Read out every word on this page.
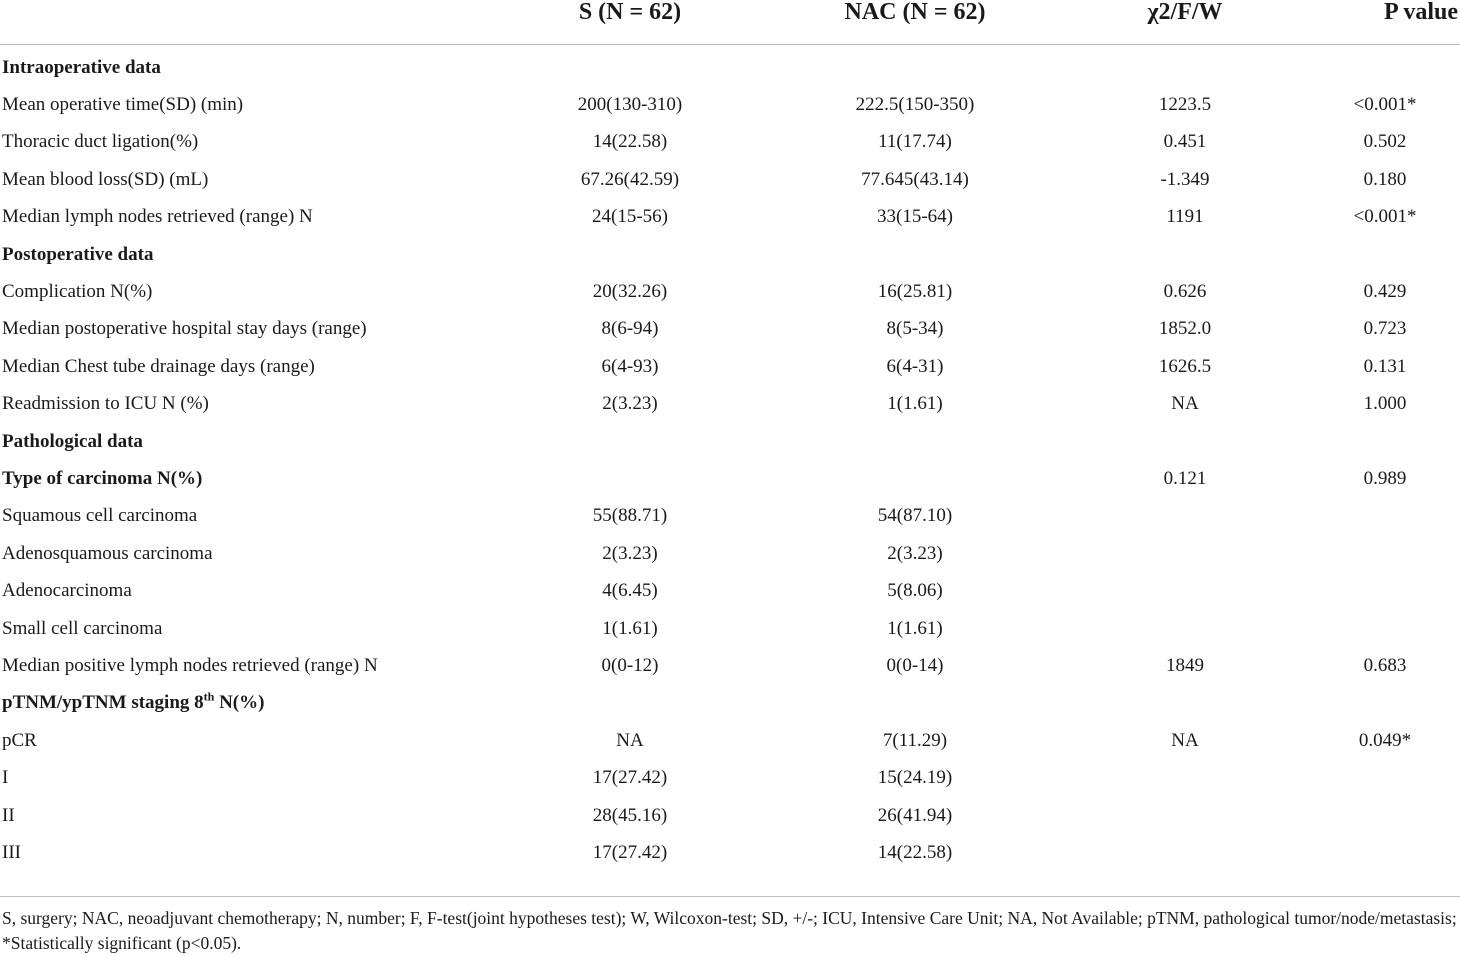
	S (N = 62)	NAC (N = 62)	χ2/F/W	P value
Intraoperative data				
Mean operative time(SD) (min)	200(130-310)	222.5(150-350)	1223.5	<0.001*
Thoracic duct ligation(%)	14(22.58)	11(17.74)	0.451	0.502
Mean blood loss(SD) (mL)	67.26(42.59)	77.645(43.14)	-1.349	0.180
Median lymph nodes retrieved (range) N	24(15-56)	33(15-64)	1191	<0.001*
Postoperative data				
Complication N(%)	20(32.26)	16(25.81)	0.626	0.429
Median postoperative hospital stay days (range)	8(6-94)	8(5-34)	1852.0	0.723
Median Chest tube drainage days (range)	6(4-93)	6(4-31)	1626.5	0.131
Readmission to ICU N (%)	2(3.23)	1(1.61)	NA	1.000
Pathological data				
Type of carcinoma N(%)			0.121	0.989
Squamous cell carcinoma	55(88.71)	54(87.10)		
Adenosquamous carcinoma	2(3.23)	2(3.23)		
Adenocarcinoma	4(6.45)	5(8.06)		
Small cell carcinoma	1(1.61)	1(1.61)		
Median positive lymph nodes retrieved (range) N	0(0-12)	0(0-14)	1849	0.683
pTNM/ypTNM staging 8th N(%)				
pCR	NA	7(11.29)	NA	0.049*
I	17(27.42)	15(24.19)		
II	28(45.16)	26(41.94)		
III	17(27.42)	14(22.58)		
S, surgery; NAC, neoadjuvant chemotherapy; N, number; F, F-test(joint hypotheses test); W, Wilcoxon-test; SD, +/-; ICU, Intensive Care Unit; NA, Not Available; pTNM, pathological tumor/node/metastasis; *Statistically significant (p<0.05).
